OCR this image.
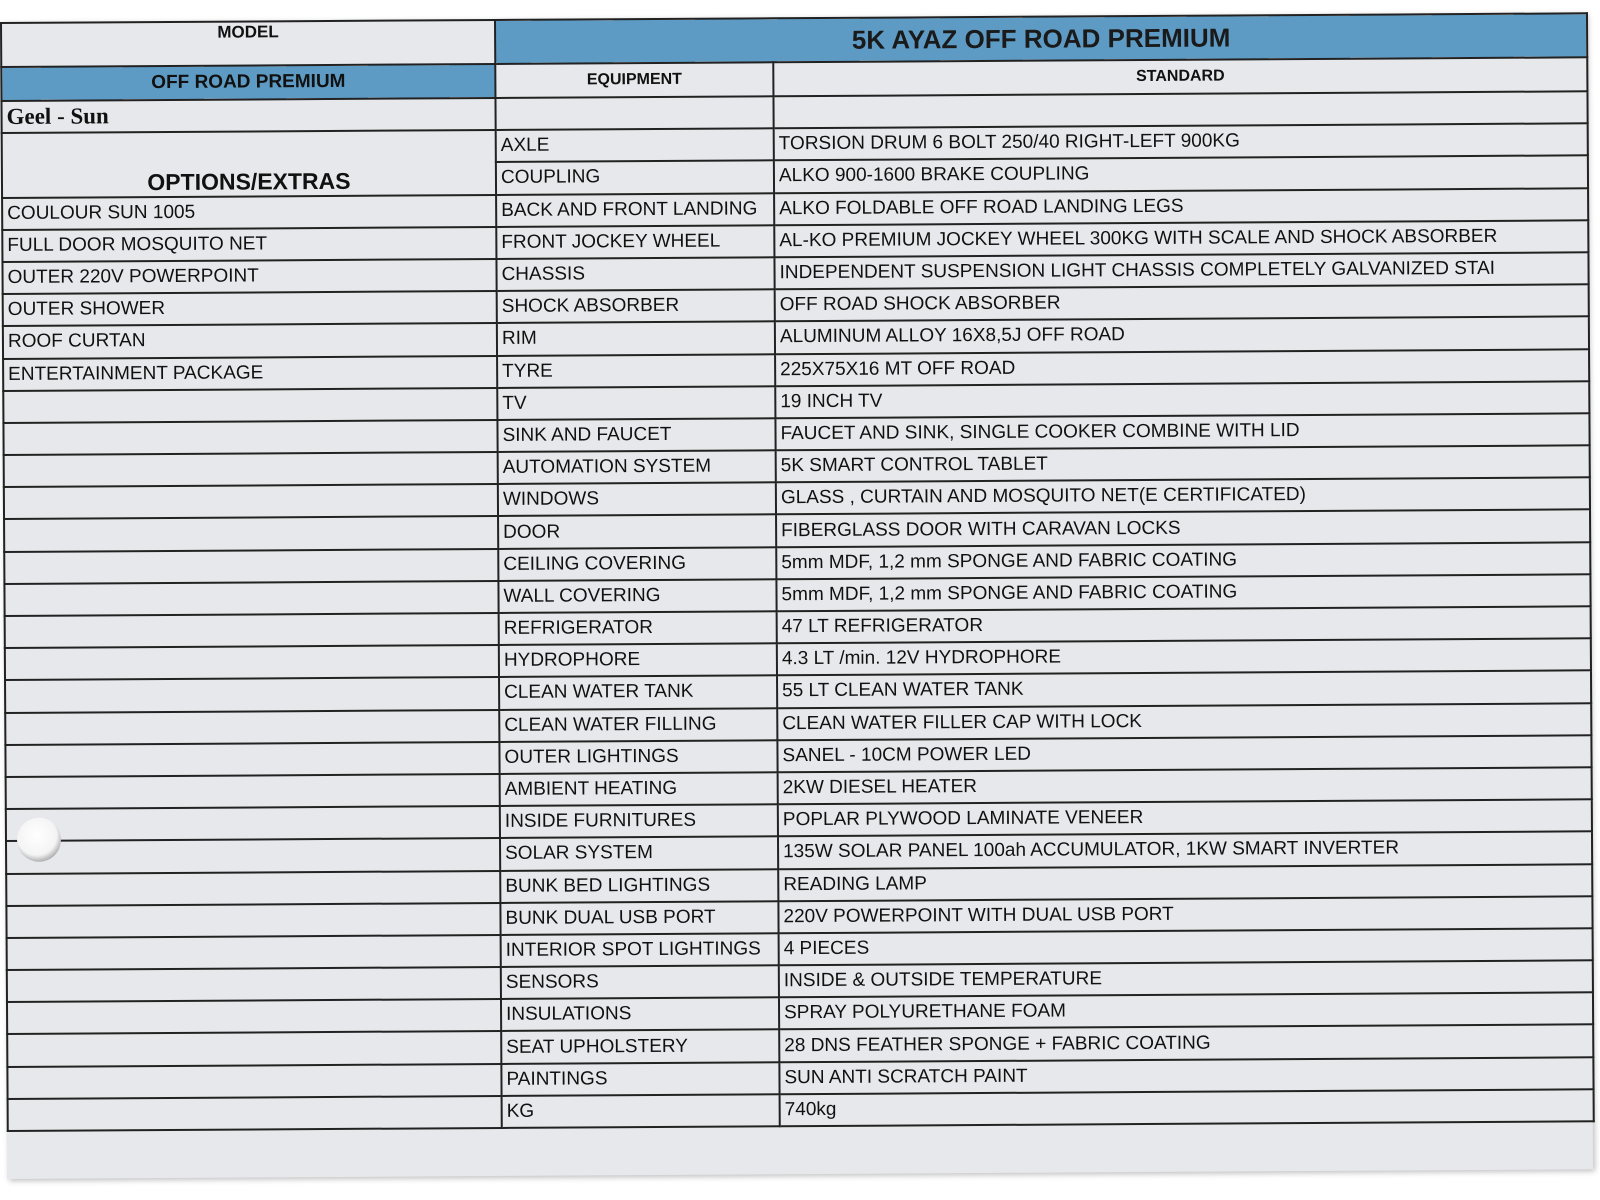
MODEL	5K AYAZ OFF ROAD PREMIUM	
OFF ROAD PREMIUM	EQUIPMENT	STANDARD
Geel - Sun		
OPTIONS/EXTRAS	AXLE	TORSION DRUM 6 BOLT 250/40 RIGHT-LEFT 900KG
	COUPLING	ALKO 900-1600 BRAKE COUPLING
COULOUR SUN 1005	BACK AND FRONT LANDING	ALKO FOLDABLE OFF ROAD LANDING LEGS
FULL DOOR MOSQUITO NET	FRONT JOCKEY WHEEL	AL-KO PREMIUM JOCKEY WHEEL 300KG WITH SCALE AND SHOCK ABSORBER
OUTER 220V POWERPOINT	CHASSIS	INDEPENDENT SUSPENSION LIGHT CHASSIS COMPLETELY GALVANIZED STAI
OUTER SHOWER	SHOCK ABSORBER	OFF ROAD SHOCK ABSORBER
ROOF CURTAN	RIM	ALUMINUM ALLOY 16X8,5J OFF ROAD
ENTERTAINMENT PACKAGE	TYRE	225X75X16 MT OFF ROAD
	TV	19 INCH TV
	SINK AND FAUCET	FAUCET AND SINK, SINGLE COOKER COMBINE WITH LID
	AUTOMATION SYSTEM	5K SMART CONTROL TABLET
	WINDOWS	GLASS , CURTAIN AND MOSQUITO NET(E CERTIFICATED)
	DOOR	FIBERGLASS DOOR WITH CARAVAN LOCKS
	CEILING COVERING	5mm MDF, 1,2 mm SPONGE AND FABRIC COATING
	WALL COVERING	5mm MDF, 1,2 mm SPONGE AND FABRIC COATING
	REFRIGERATOR	47 LT REFRIGERATOR
	HYDROPHORE	4.3 LT /min. 12V HYDROPHORE
	CLEAN WATER TANK	55 LT CLEAN WATER TANK
	CLEAN WATER FILLING	CLEAN WATER FILLER CAP WITH LOCK
	OUTER LIGHTINGS	SANEL - 10CM POWER LED
	AMBIENT HEATING	2KW DIESEL HEATER
	INSIDE FURNITURES	POPLAR PLYWOOD LAMINATE VENEER
	SOLAR SYSTEM	135W SOLAR PANEL 100ah ACCUMULATOR, 1KW SMART INVERTER
	BUNK BED LIGHTINGS	READING LAMP
	BUNK DUAL USB PORT	220V POWERPOINT WITH DUAL USB PORT
	INTERIOR SPOT LIGHTINGS	4 PIECES
	SENSORS	INSIDE & OUTSIDE TEMPERATURE
	INSULATIONS	SPRAY POLYURETHANE FOAM
	SEAT UPHOLSTERY	28 DNS FEATHER SPONGE + FABRIC COATING
	PAINTINGS	SUN ANTI SCRATCH PAINT
	KG	740kg
